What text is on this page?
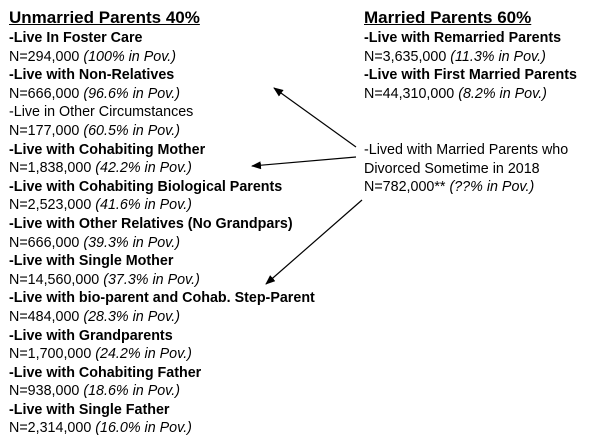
Unmarried Parents 40%
-Live In Foster Care
N=294,000 (100% in Pov.)
-Live with Non-Relatives
N=666,000 (96.6% in Pov.)
-Live in Other Circumstances
N=177,000 (60.5% in Pov.)
-Live with Cohabiting Mother
N=1,838,000 (42.2% in Pov.)
-Live with Cohabiting Biological Parents
N=2,523,000 (41.6% in Pov.)
-Live with Other Relatives (No Grandpars)
N=666,000 (39.3% in Pov.)
-Live with Single Mother
N=14,560,000 (37.3% in Pov.)
-Live with bio-parent and Cohab. Step-Parent
N=484,000 (28.3% in Pov.)
-Live with Grandparents
N=1,700,000 (24.2% in Pov.)
-Live with Cohabiting Father
N=938,000 (18.6% in Pov.)
-Live with Single Father
N=2,314,000 (16.0% in Pov.)
Married Parents 60%
-Live with Remarried Parents
N=3,635,000 (11.3% in Pov.)
-Live with First Married Parents
N=44,310,000 (8.2% in Pov.)
-Lived with Married Parents who
Divorced Sometime in 2018
N=782,000** (??% in Pov.)
